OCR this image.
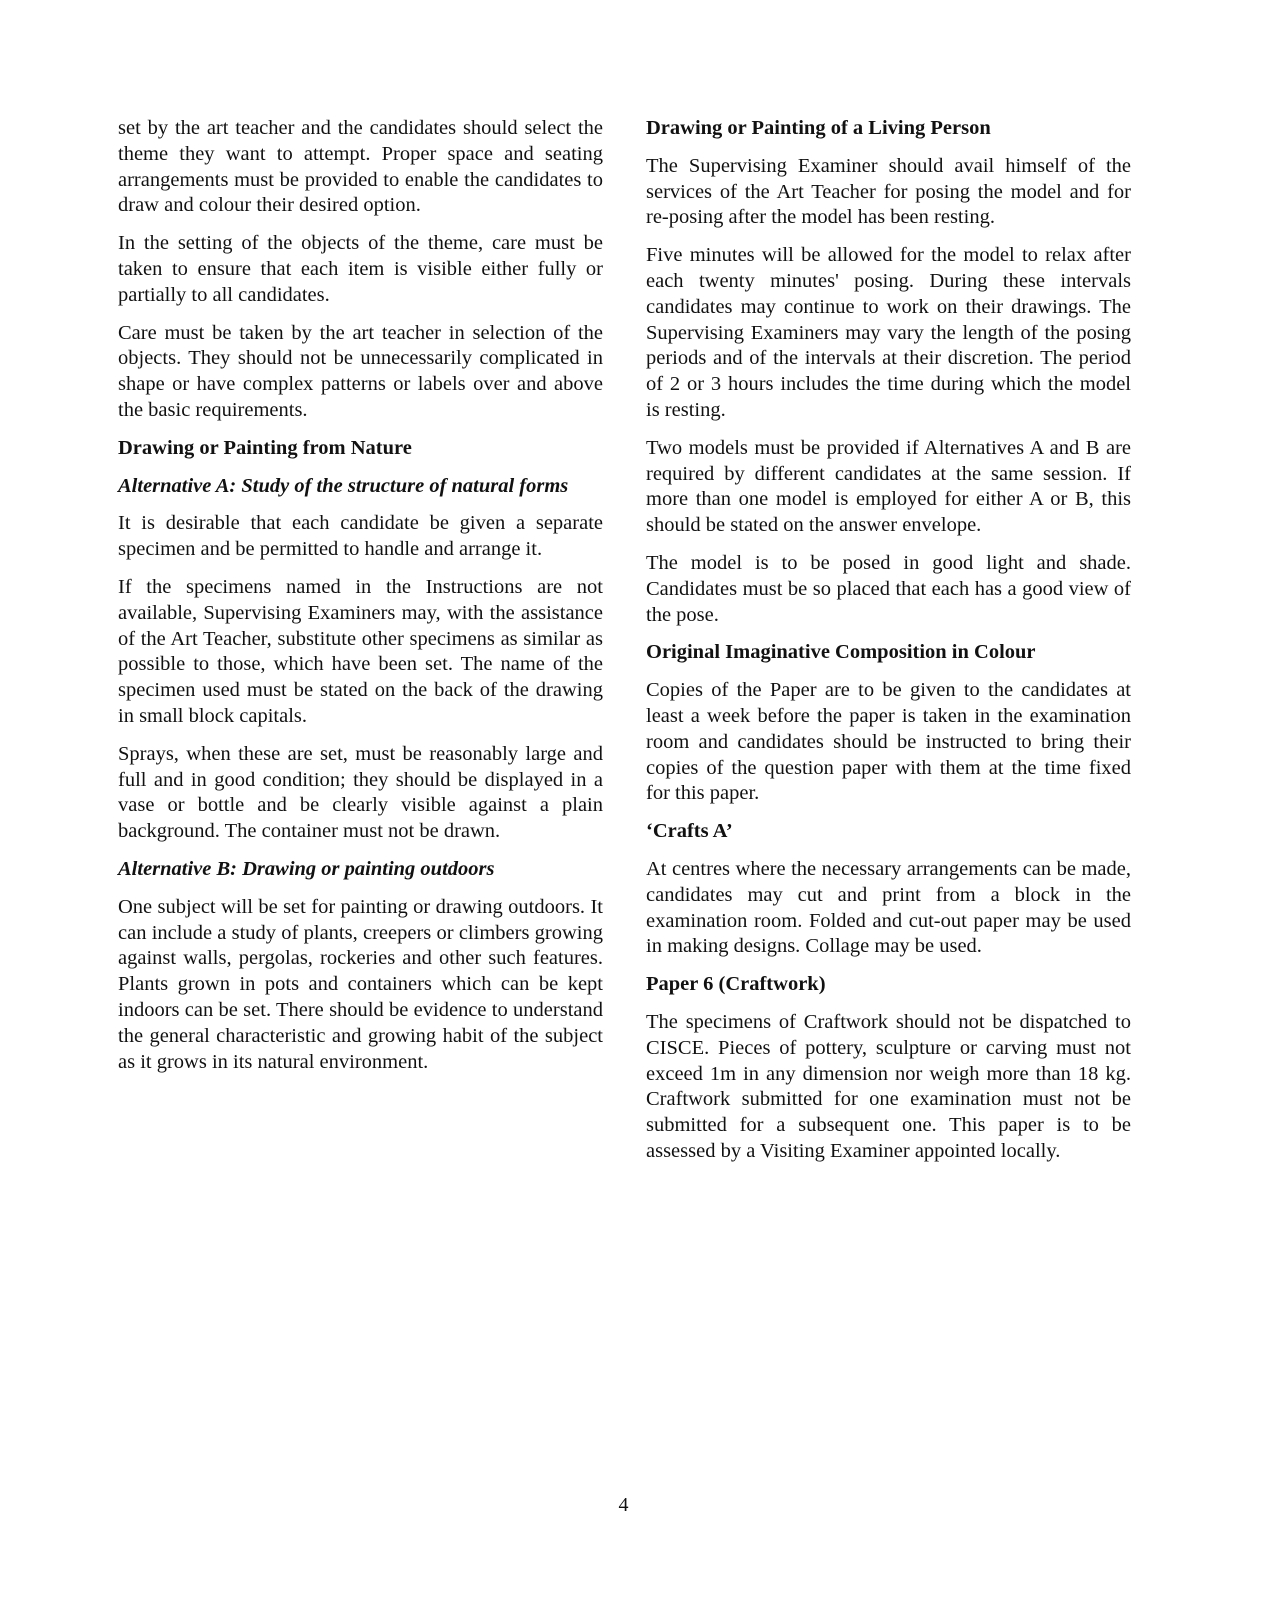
set by the art teacher and the candidates should select the theme they want to attempt. Proper space and seating arrangements must be provided to enable the candidates to draw and colour their desired option.

In the setting of the objects of the theme, care must be taken to ensure that each item is visible either fully or partially to all candidates.

Care must be taken by the art teacher in selection of the objects. They should not be unnecessarily complicated in shape or have complex patterns or labels over and above the basic requirements.

Drawing or Painting from Nature
Alternative A: Study of the structure of natural forms

It is desirable that each candidate be given a separate specimen and be permitted to handle and arrange it.

If the specimens named in the Instructions are not available, Supervising Examiners may, with the assistance of the Art Teacher, substitute other specimens as similar as possible to those, which have been set. The name of the specimen used must be stated on the back of the drawing in small block capitals.

Sprays, when these are set, must be reasonably large and full and in good condition; they should be displayed in a vase or bottle and be clearly visible against a plain background. The container must not be drawn.

Alternative B: Drawing or painting outdoors

One subject will be set for painting or drawing outdoors. It can include a study of plants, creepers or climbers growing against walls, pergolas, rockeries and other such features. Plants grown in pots and containers which can be kept indoors can be set. There should be evidence to understand the general characteristic and growing habit of the subject as it grows in its natural environment.

Drawing or Painting of a Living Person

The Supervising Examiner should avail himself of the services of the Art Teacher for posing the model and for re-posing after the model has been resting.

Five minutes will be allowed for the model to relax after each twenty minutes' posing. During these intervals candidates may continue to work on their drawings. The Supervising Examiners may vary the length of the posing periods and of the intervals at their discretion. The period of 2 or 3 hours includes the time during which the model is resting.

Two models must be provided if Alternatives A and B are required by different candidates at the same session. If more than one model is employed for either A or B, this should be stated on the answer envelope.

The model is to be posed in good light and shade. Candidates must be so placed that each has a good view of the pose.

Original Imaginative Composition in Colour

Copies of the Paper are to be given to the candidates at least a week before the paper is taken in the examination room and candidates should be instructed to bring their copies of the question paper with them at the time fixed for this paper.

‘Crafts A’

At centres where the necessary arrangements can be made, candidates may cut and print from a block in the examination room. Folded and cut-out paper may be used in making designs. Collage may be used.

Paper 6 (Craftwork)

The specimens of Craftwork should not be dispatched to CISCE. Pieces of pottery, sculpture or carving must not exceed 1m in any dimension nor weigh more than 18 kg. Craftwork submitted for one examination must not be submitted for a subsequent one. This paper is to be assessed by a Visiting Examiner appointed locally.

4
